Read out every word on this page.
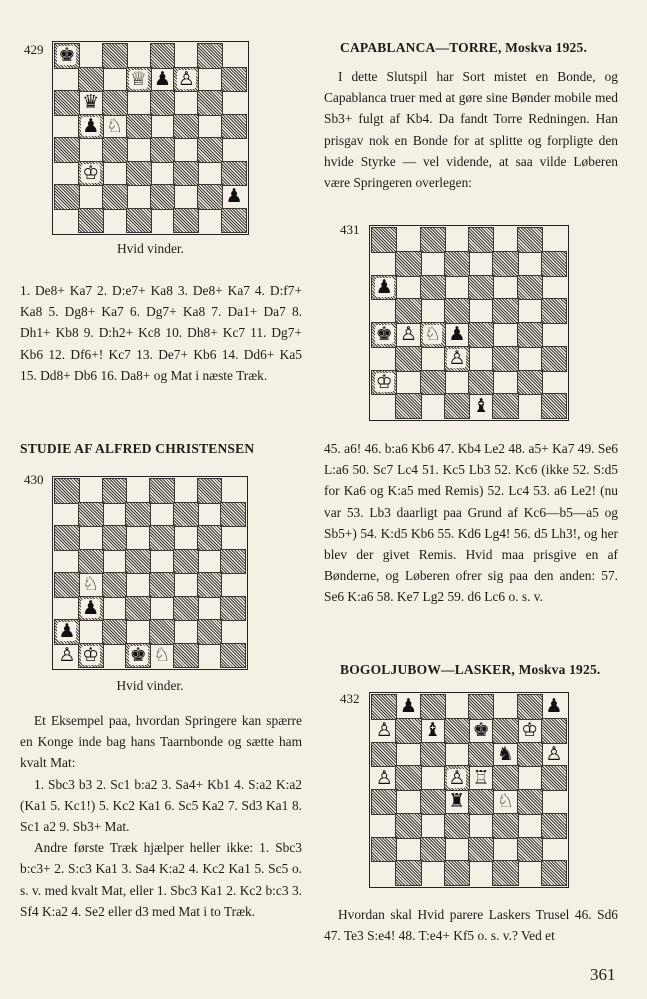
429 ♚
♕ ♟ ♙
♛
♟ ♘
♔
♟
Hvid vinder.
1. De8+ Ka7 2. D:e7+ Ka8 3. De8+ Ka7 4. D:f7+ Ka8 5. Dg8+ Ka7 6. Dg7+ Ka8 7. Da1+ Da7 8. Dh1+ Kb8 9. D:h2+ Kc8 10. Dh8+ Kc7 11. Dg7+ Kb6 12. Df6+! Kc7 13. De7+ Kb6 14. Dd6+ Ka5 15. Dd8+ Db6 16. Da8+ og Mat i næste Træk.
STUDIE AF ALFRED CHRISTENSEN
430
♘
♟
♟
♙ ♔ ♚ ♘
Hvid vinder.

Et Eksempel paa, hvordan Springere kan spærre en Konge inde bag hans Taarnbonde og sætte ham kvalt Mat:

1. Sbc3 b3 2. Sc1 b:a2 3. Sa4+ Kb1 4. S:a2 K:a2 (Ka1 5. Kc1!) 5. Kc2 Ka1 6. Sc5 Ka2 7. Sd3 Ka1 8. Sc1 a2 9. Sb3+ Mat.

Andre første Træk hjælper heller ikke: 1. Sbc3 b:c3+ 2. S:c3 Ka1 3. Sa4 K:a2 4. Kc2 Ka1 5. Sc5 o. s. v. med kvalt Mat, eller 1. Sbc3 Ka1 2. Kc2 b:c3 3. Sf4 K:a2 4. Se2 eller d3 med Mat i to Træk.

CAPABLANCA—TORRE, Moskva 1925.
I dette Slutspil har Sort mistet en Bonde, og Capablanca truer med at gøre sine Bønder mobile med Sb3+ fulgt af Kb4. Da fandt Torre Redningen. Han prisgav nok en Bonde for at splitte og forpligte den hvide Styrke — vel vidende, at saa vilde Løberen være Springeren overlegen:
431
♟
♚ ♙ ♘ ♟
♙
♔
♝
45. a6! 46. b:a6 Kb6 47. Kb4 Le2 48. a5+ Ka7 49. Se6 L:a6 50. Sc7 Lc4 51. Kc5 Lb3 52. Kc6 (ikke 52. S:d5 for Ka6 og K:a5 med Remis) 52. Lc4 53. a6 Le2! (nu var 53. Lb3 daarligt paa Grund af Kc6—b5—a5 og Sb5+) 54. K:d5 Kb6 55. Kd6 Lg4! 56. d5 Lh3!, og her blev der givet Remis. Hvid maa prisgive en af Bønderne, og Løberen ofrer sig paa den anden: 57. Se6 K:a6 58. Ke7 Lg2 59. d6 Lc6 o. s. v.
BOGOLJUBOW—LASKER, Moskva 1925.
432 ♟	♟
♙ ♝ ♚ ♔
♞ ♙
♙	♙ ♖
♜ ♘
Hvordan skal Hvid parere Laskers Trusel 46. Sd6 47. Te3 S:e4! 48. T:e4+ Kf5 o. s. v.? Ved et
361
